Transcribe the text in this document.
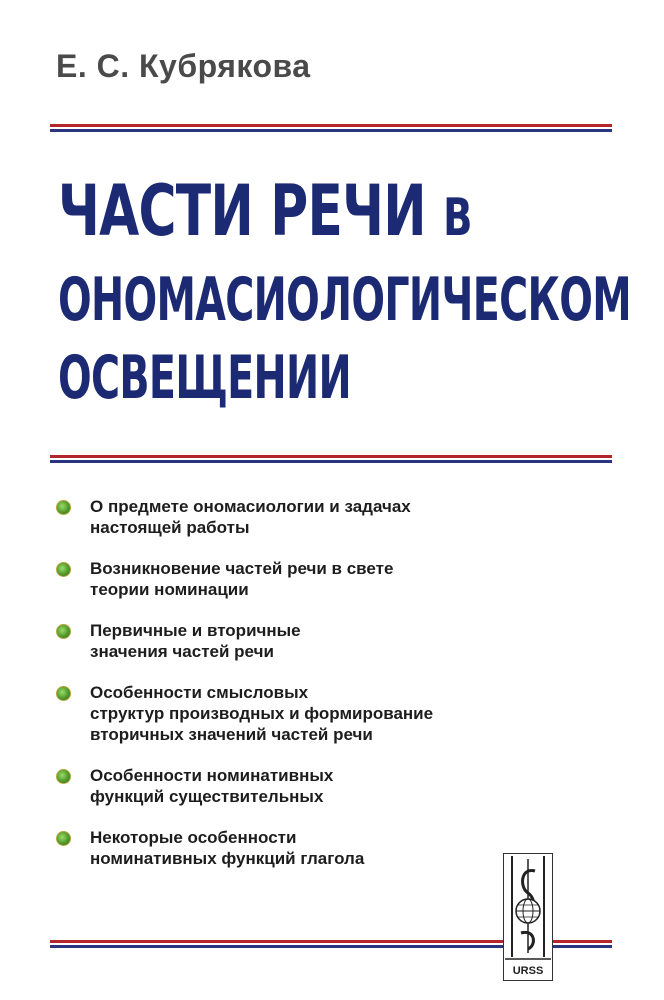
Е. С. Кубрякова
ЧАСТИ РЕЧИ В
ОНОМАСИОЛОГИЧЕСКОМ
ОСВЕЩЕНИИ
О предмете ономасиологии и задачах
настоящей работы
Возникновение частей речи в свете
теории номинации
Первичные и вторичные
значения частей речи
Особенности смысловых
структур производных и формирование
вторичных значений частей речи
Особенности номинативных
функций существительных
Некоторые особенности
номинативных функций глагола
URSS
